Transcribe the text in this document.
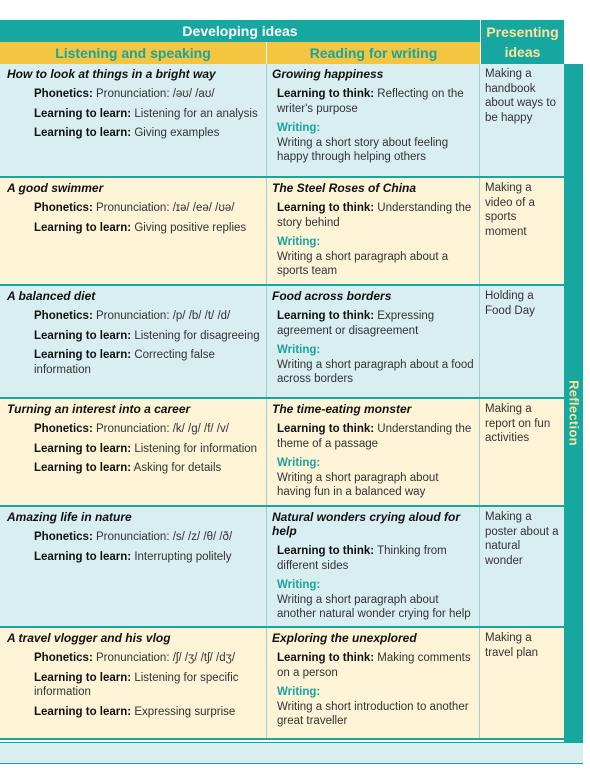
Developing ideas	Presenting
ideas
Listening and speaking	Reading for writing
Reflection
How to look at things in a bright way
Phonetics: Pronunciation: /əʊ/ /aʊ/
Learning to learn: Listening for an analysis
Learning to learn: Giving examples
Growing happiness
Learning to think: Reflecting on the writer's purpose
Writing:
Writing a short story about feeling happy through helping others
Making a handbook about ways to be happy
A good swimmer
Phonetics: Pronunciation: /ɪə/ /eə/ /ʊə/
Learning to learn: Giving positive replies
The Steel Roses of China
Learning to think: Understanding the story behind
Writing:
Writing a short paragraph about a sports team
Making a video of a sports moment
A balanced diet
Phonetics: Pronunciation: /p/ /b/ /t/ /d/
Learning to learn: Listening for disagreeing
Learning to learn: Correcting false information
Food across borders
Learning to think: Expressing agreement or disagreement
Writing:
Writing a short paragraph about a food across borders
Holding a Food Day
Turning an interest into a career
Phonetics: Pronunciation: /k/ /g/ /f/ /v/
Learning to learn: Listening for information
Learning to learn: Asking for details
The time-eating monster
Learning to think: Understanding the theme of a passage
Writing:
Writing a short paragraph about having fun in a balanced way
Making a report on fun activities
Amazing life in nature
Phonetics: Pronunciation: /s/ /z/ /θ/ /ð/
Learning to learn: Interrupting politely
Natural wonders crying aloud for help
Learning to think: Thinking from different sides
Writing:
Writing a short paragraph about another natural wonder crying for help
Making a poster about a natural wonder
A travel vlogger and his vlog
Phonetics: Pronunciation: /ʃ/ /ʒ/ /tʃ/ /dʒ/
Learning to learn: Listening for specific information
Learning to learn: Expressing surprise
Exploring the unexplored
Learning to think: Making comments on a person
Writing:
Writing a short introduction to another great traveller
Making a travel plan
